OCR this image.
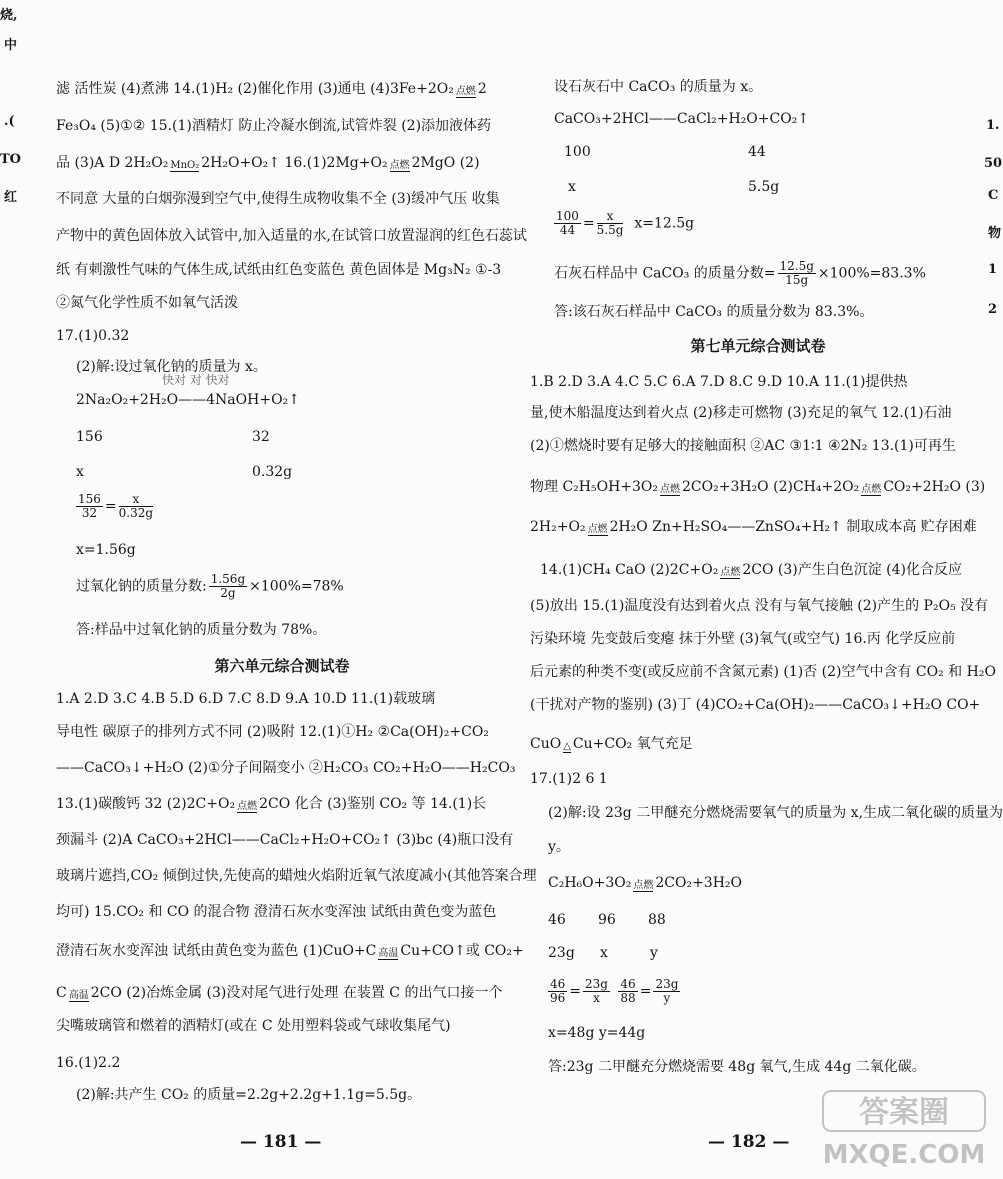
烧,
中
.(
TO
红
1.
50
C
物
1
2
滤 活性炭 (4)煮沸 14.(1)H₂ (2)催化作用 (3)通电 (4)3Fe+2O₂ 点燃 2
Fe₃O₄ (5)①② 15.(1)酒精灯 防止冷凝水倒流,试管炸裂 (2)添加液体药
品 (3)A D 2H₂O₂ MnO₂ 2H₂O+O₂↑ 16.(1)2Mg+O₂ 点燃 2MgO (2)
不同意 大量的白烟弥漫到空气中,使得生成物收集不全 (3)缓冲气压 收集
产物中的黄色固体放入试管中,加入适量的水,在试管口放置湿润的红色石蕊试
纸 有刺激性气味的气体生成,试纸由红色变蓝色 黄色固体是 Mg₃N₂ ①-3
②氮气化学性质不如氧气活泼
17.(1)0.32
(2)解:设过氧化钠的质量为 x。
快对 对 快对
2Na₂O₂+2H₂O——4NaOH+O₂↑
156	32
x	0.32g
$\frac{156}{32} = \frac{x}{0.32g}$
x=1.56g
过氧化钠的质量分数: $\frac{1.56g}{2g} \times 100\%=78\%$
答:样品中过氧化钠的质量分数为 78%。
第六单元综合测试卷
1.A 2.D 3.C 4.B 5.D 6.D 7.C 8.D 9.A 10.D 11.(1)载玻璃
导电性 碳原子的排列方式不同 (2)吸附 12.(1)①H₂ ②Ca(OH)₂+CO₂
——CaCO₃↓+H₂O (2)①分子间隔变小 ②H₂CO₃ CO₂+H₂O——H₂CO₃
13.(1)碳酸钙 32 (2)2C+O₂ 点燃 2CO 化合 (3)鉴别 CO₂ 等 14.(1)长
颈漏斗 (2)A CaCO₃+2HCl——CaCl₂+H₂O+CO₂↑ (3)bc (4)瓶口没有
玻璃片遮挡,CO₂ 倾倒过快,先使高的蜡烛火焰附近氧气浓度减小(其他答案合理
均可) 15.CO₂ 和 CO 的混合物 澄清石灰水变浑浊 试纸由黄色变为蓝色
澄清石灰水变浑浊 试纸由黄色变为蓝色 (1)CuO+C 高温 Cu+CO↑或 CO₂+
C 高温 2CO (2)冶炼金属 (3)没对尾气进行处理 在装置 C 的出气口接一个
尖嘴玻璃管和燃着的酒精灯(或在 C 处用塑料袋或气球收集尾气)
16.(1)2.2
(2)解:共产生 CO₂ 的质量=2.2g+2.2g+1.1g=5.5g。
— 181 —
设石灰石中 CaCO₃ 的质量为 x。
CaCO₃+2HCl——CaCl₂+H₂O+CO₂↑
100	44
x	5.5g
$\frac{100}{44} = \frac{x}{5.5g} x=12.5g$
石灰石样品中 CaCO₃ 的质量分数= $\frac{12.5g}{15g} \times 100\%=83.3\%$
答:该石灰石样品中 CaCO₃ 的质量分数为 83.3%。
第七单元综合测试卷
1.B 2.D 3.A 4.C 5.C 6.A 7.D 8.C 9.D 10.A 11.(1)提供热
量,使木船温度达到着火点 (2)移走可燃物 (3)充足的氧气 12.(1)石油
(2)①燃烧时要有足够大的接触面积 ②AC ③1∶1 ④2N₂ 13.(1)可再生
物理 C₂H₅OH+3O₂ 点燃 2CO₂+3H₂O (2)CH₄+2O₂ 点燃 CO₂+2H₂O (3)
2H₂+O₂ 点燃 2H₂O Zn+H₂SO₄——ZnSO₄+H₂↑ 制取成本高 贮存困难
14.(1)CH₄ CaO (2)2C+O₂ 点燃 2CO (3)产生白色沉淀 (4)化合反应
(5)放出 15.(1)温度没有达到着火点 没有与氧气接触 (2)产生的 P₂O₅ 没有
污染环境 先变鼓后变瘪 抹于外壁 (3)氧气(或空气) 16.丙 化学反应前
后元素的种类不变(或反应前不含氮元素) (1)否 (2)空气中含有 CO₂ 和 H₂O
(干扰对产物的鉴别) (3)丁 (4)CO₂+Ca(OH)₂——CaCO₃↓+H₂O CO+
CuO △ Cu+CO₂ 氧气充足
17.(1)2 6 1
(2)解:设 23g 二甲醚充分燃烧需要氧气的质量为 x,生成二氧化碳的质量为
y。
C₂H₆O+3O₂ 点燃 2CO₂+3H₂O
46 96 88
23g x	y
$\frac{46}{96} = \frac{23g}{x}$
$\frac{46}{88} = \frac{23g}{y}$
x=48g y=44g
答:23g 二甲醚充分燃烧需要 48g 氧气,生成 44g 二氧化碳。
— 182 —
答案圈
MXQE.COM
